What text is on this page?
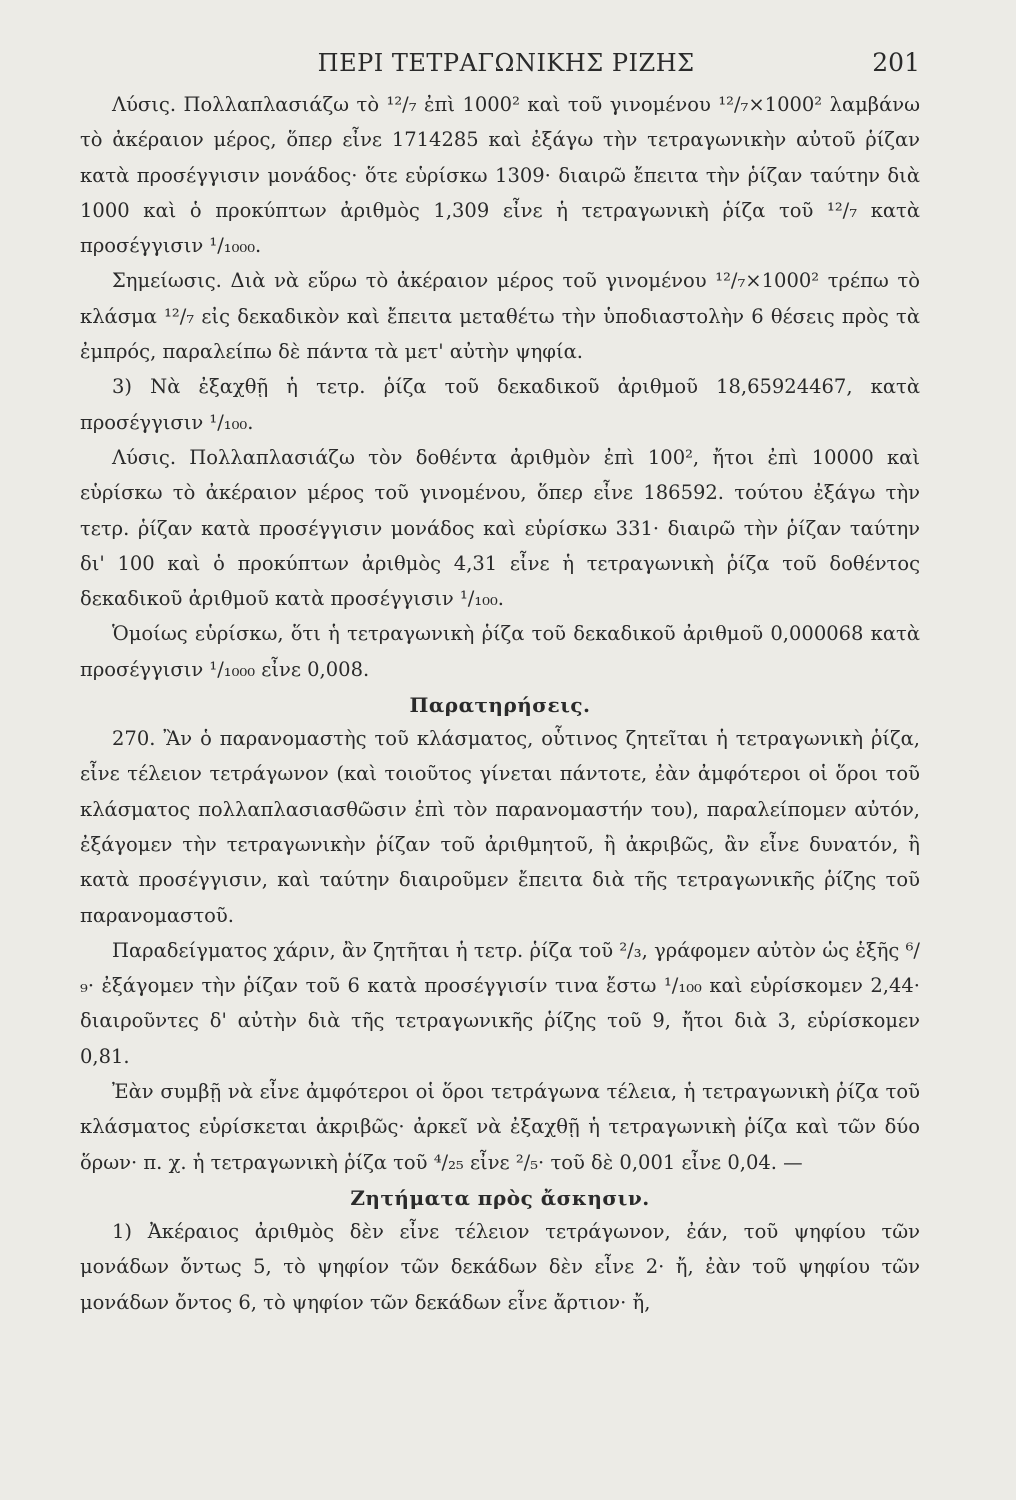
ΠΕΡΙ ΤΕΤΡΑΓΩΝΙΚΗΣ ΡΙΖΗΣ	201

Λύσις. Πολλαπλασιάζω τὸ ¹²/₇ ἐπὶ 1000² καὶ τοῦ γινομένου ¹²/₇×1000² λαμβάνω τὸ ἀκέραιον μέρος, ὅπερ εἶνε 1714285 καὶ ἐξάγω τὴν τετραγωνικὴν αὐτοῦ ῥίζαν κατὰ προσέγγισιν μονάδος· ὅτε εὑρίσκω 1309· διαιρῶ ἔπειτα τὴν ῥίζαν ταύτην διὰ 1000 καὶ ὁ προκύπτων ἀριθμὸς 1,309 εἶνε ἡ τετραγωνικὴ ῥίζα τοῦ ¹²/₇ κατὰ προσέγγισιν ¹/₁₀₀₀.

Σημείωσις. Διὰ νὰ εὕρω τὸ ἀκέραιον μέρος τοῦ γινομένου ¹²/₇×1000² τρέπω τὸ κλάσμα ¹²/₇ εἰς δεκαδικὸν καὶ ἔπειτα μεταθέτω τὴν ὑποδιαστολὴν 6 θέσεις πρὸς τὰ ἐμπρός, παραλείπω δὲ πάντα τὰ μετ' αὐτὴν ψηφία.

3) Νὰ ἐξαχθῇ ἡ τετρ. ῥίζα τοῦ δεκαδικοῦ ἀριθμοῦ 18,65924467, κατὰ προσέγγισιν ¹/₁₀₀.

Λύσις. Πολλαπλασιάζω τὸν δοθέντα ἀριθμὸν ἐπὶ 100², ἤτοι ἐπὶ 10000 καὶ εὑρίσκω τὸ ἀκέραιον μέρος τοῦ γινομένου, ὅπερ εἶνε 186592. τούτου ἐξάγω τὴν τετρ. ῥίζαν κατὰ προσέγγισιν μονάδος καὶ εὑρίσκω 331· διαιρῶ τὴν ῥίζαν ταύτην δι' 100 καὶ ὁ προκύπτων ἀριθμὸς 4,31 εἶνε ἡ τετραγωνικὴ ῥίζα τοῦ δοθέντος δεκαδικοῦ ἀριθμοῦ κατὰ προσέγγισιν ¹/₁₀₀.

Ὁμοίως εὑρίσκω, ὅτι ἡ τετραγωνικὴ ῥίζα τοῦ δεκαδικοῦ ἀριθμοῦ 0,000068 κατὰ προσέγγισιν ¹/₁₀₀₀ εἶνε 0,008.

Παρατηρήσεις.

270. Ἂν ὁ παρανομαστὴς τοῦ κλάσματος, οὗτινος ζητεῖται ἡ τετραγωνικὴ ῥίζα, εἶνε τέλειον τετράγωνον (καὶ τοιοῦτος γίνεται πάντοτε, ἐὰν ἀμφότεροι οἱ ὅροι τοῦ κλάσματος πολλαπλασιασθῶσιν ἐπὶ τὸν παρανομαστήν του), παραλείπομεν αὐτόν, ἐξάγομεν τὴν τετραγωνικὴν ῥίζαν τοῦ ἀριθμητοῦ, ἢ ἀκριβῶς, ἂν εἶνε δυνατόν, ἢ κατὰ προσέγγισιν, καὶ ταύτην διαιροῦμεν ἔπειτα διὰ τῆς τετραγωνικῆς ῥίζης τοῦ παρανομαστοῦ.

Παραδείγματος χάριν, ἂν ζητῆται ἡ τετρ. ῥίζα τοῦ ²/₃, γράφομεν αὐτὸν ὡς ἑξῆς ⁶/₉· ἐξάγομεν τὴν ῥίζαν τοῦ 6 κατὰ προσέγγισίν τινα ἔστω ¹/₁₀₀ καὶ εὑρίσκομεν 2,44· διαιροῦντες δ' αὐτὴν διὰ τῆς τετραγωνικῆς ῥίζης τοῦ 9, ἤτοι διὰ 3, εὑρίσκομεν 0,81.

Ἐὰν συμβῇ νὰ εἶνε ἀμφότεροι οἱ ὅροι τετράγωνα τέλεια, ἡ τετραγωνικὴ ῥίζα τοῦ κλάσματος εὑρίσκεται ἀκριβῶς· ἀρκεῖ νὰ ἐξαχθῇ ἡ τετραγωνικὴ ῥίζα καὶ τῶν δύο ὅρων· π. χ. ἡ τετραγωνικὴ ῥίζα τοῦ ⁴/₂₅ εἶνε ²/₅· τοῦ δὲ 0,001 εἶνε 0,04. —

Ζητήματα πρὸς ἄσκησιν.

1) Ἀκέραιος ἀριθμὸς δὲν εἶνε τέλειον τετράγωνον, ἐάν, τοῦ ψηφίου τῶν μονάδων ὄντως 5, τὸ ψηφίον τῶν δεκάδων δὲν εἶνε 2· ἤ, ἐὰν τοῦ ψηφίου τῶν μονάδων ὄντος 6, τὸ ψηφίον τῶν δεκάδων εἶνε ἄρτιον· ἤ,
